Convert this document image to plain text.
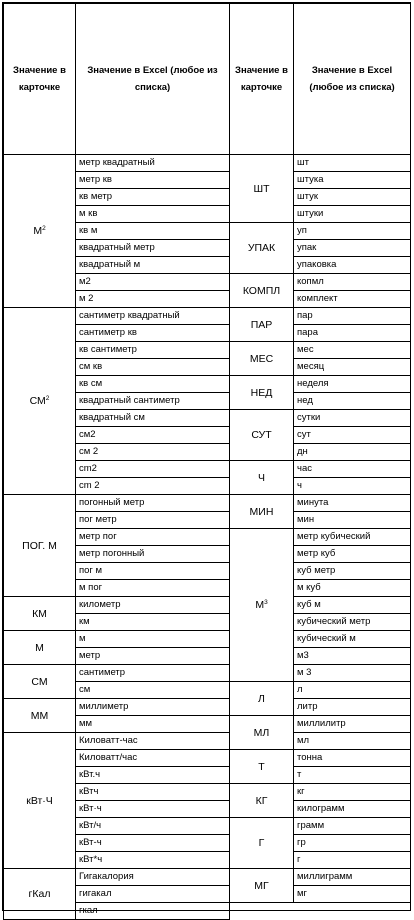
Значение в карточке	Значение в Excel (любое из списка)	Значение в карточке	Значение в Excel (любое из списка)
$М^2$	метр квадратный	ШТ	шт
	метр кв		штука
	кв метр		штук
	м кв		штуки
	кв м	УПАК	уп
	квадратный метр		упак
	квадратный м		упаковка
	м2	КОМПЛ	копмл
	м 2		комплект
$СМ^2$	сантиметр квадратный	ПАР	пар
	сантиметр кв		пара
	кв сантиметр	МЕС	мес
	см кв		месяц
	кв см	НЕД	неделя
	квадратный сантиметр		нед
	квадратный см	СУТ	сутки
	см2		сут
	см 2		дн
	cm2	Ч	час
	cm 2		ч
ПОГ. М	погонный метр	МИН	минута
	пог метр		мин
	метр пог	$М^3$	метр кубический
	метр погонный		метр куб
	пог м		куб метр
	м пог		м куб
КМ	километр		куб м
	км		кубический метр
М	м		кубический м
	метр		м3
СМ	сантиметр		м 3
	см	Л	л
ММ	миллиметр		литр
	мм	МЛ	миллилитр
кВт·Ч	Киловатт-час		мл
	Киловатт/час	Т	тонна
	кВт.ч		т
	кВтч	КГ	кг
	кВт·ч		килограмм
	кВт/ч	Г	грамм
	кВт-ч		гр
	кВт*ч		г
гКал	Гигакалория	МГ	миллиграмм
	гигакал		мг
	гкал		
